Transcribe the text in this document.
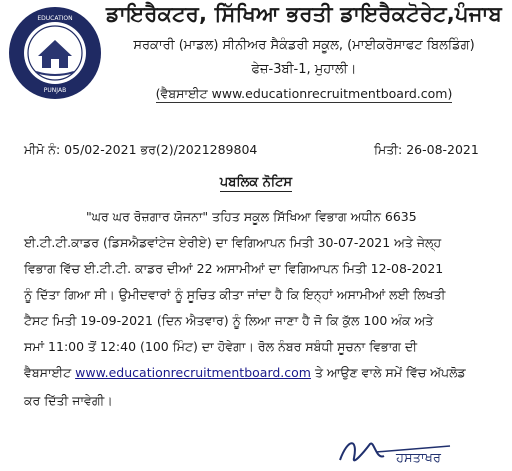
EDUCATION
PUNJAB
ਡਾਇਰੈਕਟਰ, ਸਿੱਖਿਆ ਭਰਤੀ ਡਾਇਰੈਕਟੋਰੇਟ,ਪੰਜਾਬ
ਸਰਕਾਰੀ (ਮਾਡਲ) ਸੀਨੀਅਰ ਸੈਕੰਡਰੀ ਸਕੂਲ, (ਮਾਈਕਰੋਸਾਫਟ ਬਿਲਡਿੰਗ)
ਫੇਜ਼-3ਬੀ-1, ਮੁਹਾਲੀ।
(ਵੈਬਸਾਈਟ www.educationrecruitmentboard.com)
ਮੀਮੋ ਨੰ: 05/02-2021 ਭਰ(2)/2021289804	ਮਿਤੀ: 26-08-2021
ਪਬਲਿਕ ਨੋਟਿਸ
"ਘਰ ਘਰ ਰੋਜ਼ਗਾਰ ਯੋਜਨਾ" ਤਹਿਤ ਸਕੂਲ ਸਿੱਖਿਆ ਵਿਭਾਗ ਅਧੀਨ 6635
ਈ.ਟੀ.ਟੀ.ਕਾਡਰ (ਡਿਸਐਡਵਾਂਟੇਜ ਏਰੀਏ) ਦਾ ਵਿਗਿਆਪਨ ਮਿਤੀ 30-07-2021 ਅਤੇ ਜੇਲ੍ਹ
ਵਿਭਾਗ ਵਿੱਚ ਈ.ਟੀ.ਟੀ. ਕਾਡਰ ਦੀਆਂ 22 ਅਸਾਮੀਆਂ ਦਾ ਵਿਗਿਆਪਨ ਮਿਤੀ 12-08-2021
ਨੂੰ ਦਿੱਤਾ ਗਿਆ ਸੀ। ਉਮੀਦਵਾਰਾਂ ਨੂੰ ਸੂਚਿਤ ਕੀਤਾ ਜਾਂਦਾ ਹੈ ਕਿ ਇਨ੍ਹਾਂ ਅਸਾਮੀਆਂ ਲਈ ਲਿਖਤੀ
ਟੈਸਟ ਮਿਤੀ 19-09-2021 (ਦਿਨ ਐਤਵਾਰ) ਨੂੰ ਲਿਆ ਜਾਣਾ ਹੈ ਜੋ ਕਿ ਕੁੱਲ 100 ਅੰਕ ਅਤੇ
ਸਮਾਂ 11:00 ਤੋਂ 12:40 (100 ਮਿੰਟ) ਦਾ ਹੋਵੇਗਾ। ਰੋਲ ਨੰਬਰ ਸਬੰਧੀ ਸੂਚਨਾ ਵਿਭਾਗ ਦੀ
ਵੈਬਸਾਈਟ www.educationrecruitmentboard.com ਤੇ ਆਉਣ ਵਾਲੇ ਸਮੇਂ ਵਿੱਚ ਅੱਪਲੋਡ
ਕਰ ਦਿੱਤੀ ਜਾਵੇਗੀ।
ਹਸਤਾਖਰ
